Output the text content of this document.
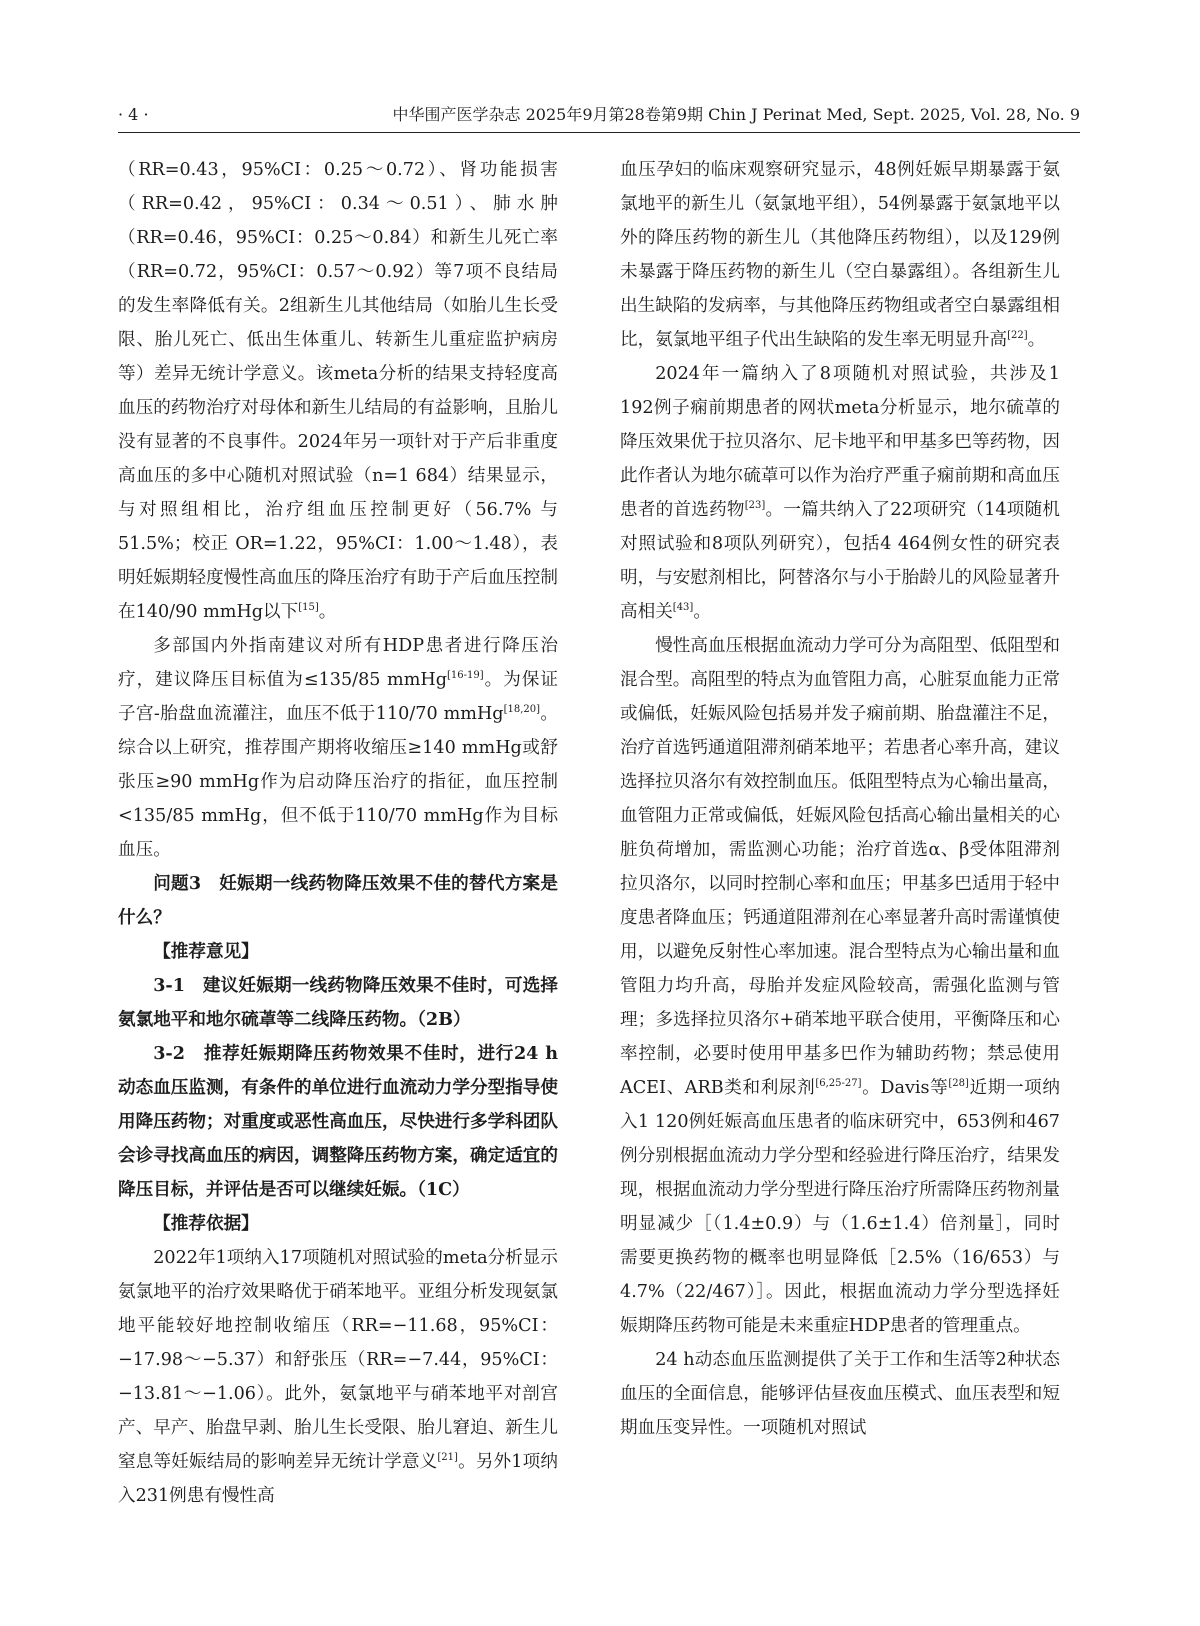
· 4 ·	中华围产医学杂志 2025年9月第28卷第9期 Chin J Perinat Med, Sept. 2025, Vol. 28, No. 9

（RR=0.43，95%CI：0.25～0.72）、肾功能损害（RR=0.42，95%CI：0.34～0.51）、肺水肿（RR=0.46，95%CI：0.25～0.84）和新生儿死亡率（RR=0.72，95%CI：0.57～0.92）等7项不良结局的发生率降低有关。2组新生儿其他结局（如胎儿生长受限、胎儿死亡、低出生体重儿、转新生儿重症监护病房等）差异无统计学意义。该meta分析的结果支持轻度高血压的药物治疗对母体和新生儿结局的有益影响，且胎儿没有显著的不良事件。2024年另一项针对于产后非重度高血压的多中心随机对照试验（n=1 684）结果显示，与对照组相比，治疗组血压控制更好（56.7% 与 51.5%；校正 OR=1.22，95%CI：1.00～1.48），表明妊娠期轻度慢性高血压的降压治疗有助于产后血压控制在140/90 mmHg以下[15]。

多部国内外指南建议对所有HDP患者进行降压治疗，建议降压目标值为≤135/85 mmHg[16-19]。为保证子宫-胎盘血流灌注，血压不低于110/70 mmHg[18,20]。综合以上研究，推荐围产期将收缩压≥140 mmHg或舒张压≥90 mmHg作为启动降压治疗的指征，血压控制<135/85 mmHg，但不低于110/70 mmHg作为目标血压。

问题3　妊娠期一线药物降压效果不佳的替代方案是什么？

【推荐意见】

3-1　建议妊娠期一线药物降压效果不佳时，可选择氨氯地平和地尔硫䓬等二线降压药物。（2B）

3-2　推荐妊娠期降压药物效果不佳时，进行24 h动态血压监测，有条件的单位进行血流动力学分型指导使用降压药物；对重度或恶性高血压，尽快进行多学科团队会诊寻找高血压的病因，调整降压药物方案，确定适宜的降压目标，并评估是否可以继续妊娠。（1C）

【推荐依据】

2022年1项纳入17项随机对照试验的meta分析显示氨氯地平的治疗效果略优于硝苯地平。亚组分析发现氨氯地平能较好地控制收缩压（RR=−11.68，95%CI：−17.98～−5.37）和舒张压（RR=−7.44，95%CI：−13.81～−1.06）。此外，氨氯地平与硝苯地平对剖宫产、早产、胎盘早剥、胎儿生长受限、胎儿窘迫、新生儿窒息等妊娠结局的影响差异无统计学意义[21]。另外1项纳入231例患有慢性高

血压孕妇的临床观察研究显示，48例妊娠早期暴露于氨氯地平的新生儿（氨氯地平组），54例暴露于氨氯地平以外的降压药物的新生儿（其他降压药物组），以及129例未暴露于降压药物的新生儿（空白暴露组）。各组新生儿出生缺陷的发病率，与其他降压药物组或者空白暴露组相比，氨氯地平组子代出生缺陷的发生率无明显升高[22]。

2024年一篇纳入了8项随机对照试验，共涉及1 192例子痫前期患者的网状meta分析显示，地尔硫䓬的降压效果优于拉贝洛尔、尼卡地平和甲基多巴等药物，因此作者认为地尔硫䓬可以作为治疗严重子痫前期和高血压患者的首选药物[23]。一篇共纳入了22项研究（14项随机对照试验和8项队列研究），包括4 464例女性的研究表明，与安慰剂相比，阿替洛尔与小于胎龄儿的风险显著升高相关[43]。

慢性高血压根据血流动力学可分为高阻型、低阻型和混合型。高阻型的特点为血管阻力高，心脏泵血能力正常或偏低，妊娠风险包括易并发子痫前期、胎盘灌注不足，治疗首选钙通道阻滞剂硝苯地平；若患者心率升高，建议选择拉贝洛尔有效控制血压。低阻型特点为心输出量高，血管阻力正常或偏低，妊娠风险包括高心输出量相关的心脏负荷增加，需监测心功能；治疗首选α、β受体阻滞剂拉贝洛尔，以同时控制心率和血压；甲基多巴适用于轻中度患者降血压；钙通道阻滞剂在心率显著升高时需谨慎使用，以避免反射性心率加速。混合型特点为心输出量和血管阻力均升高，母胎并发症风险较高，需强化监测与管理；多选择拉贝洛尔+硝苯地平联合使用，平衡降压和心率控制，必要时使用甲基多巴作为辅助药物；禁忌使用ACEI、ARB类和利尿剂[6,25-27]。Davis等[28]近期一项纳入1 120例妊娠高血压患者的临床研究中，653例和467例分别根据血流动力学分型和经验进行降压治疗，结果发现，根据血流动力学分型进行降压治疗所需降压药物剂量明显减少［（1.4±0.9）与（1.6±1.4）倍剂量］，同时需要更换药物的概率也明显降低［2.5%（16/653）与4.7%（22/467）］。因此，根据血流动力学分型选择妊娠期降压药物可能是未来重症HDP患者的管理重点。

24 h动态血压监测提供了关于工作和生活等2种状态血压的全面信息，能够评估昼夜血压模式、血压表型和短期血压变异性。一项随机对照试
